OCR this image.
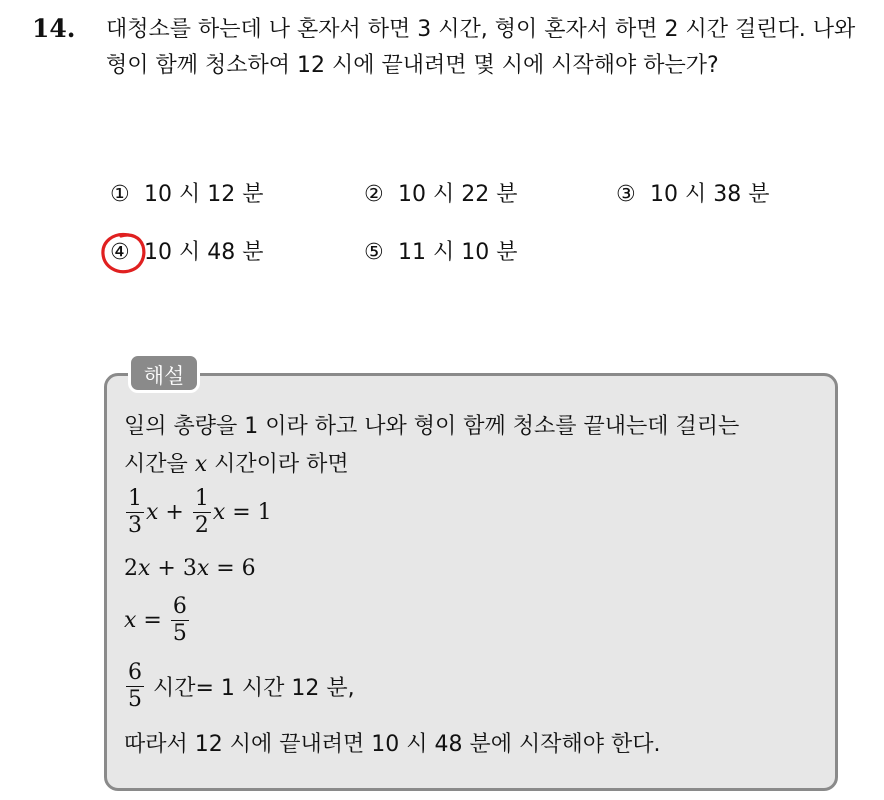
14. 대청소를 하는데 나 혼자서 하면 3 시간, 형이 혼자서 하면 2 시간 걸린다. 나와 형이 함께 청소하여 12 시에 끝내려면 몇 시에 시작해야 하는가?
① 10 시 12 분	② 10 시 22 분	③ 10 시 38 분
④ 10 시 48 분	⑤ 11 시 10 분
해설
일의 총량을 1 이라 하고 나와 형이 함께 청소를 끝내는데 걸리는
시간을 x 시간이라 하면
$\frac{1}{3}$ $x + \frac{1}{2}$ x = 1
2 x + 3 x = 6
$x = \frac{6}{5}$
$\frac{6}{5}$ 시간= 1 시간 12 분,
따라서 12 시에 끝내려면 10 시 48 분에 시작해야 한다.
